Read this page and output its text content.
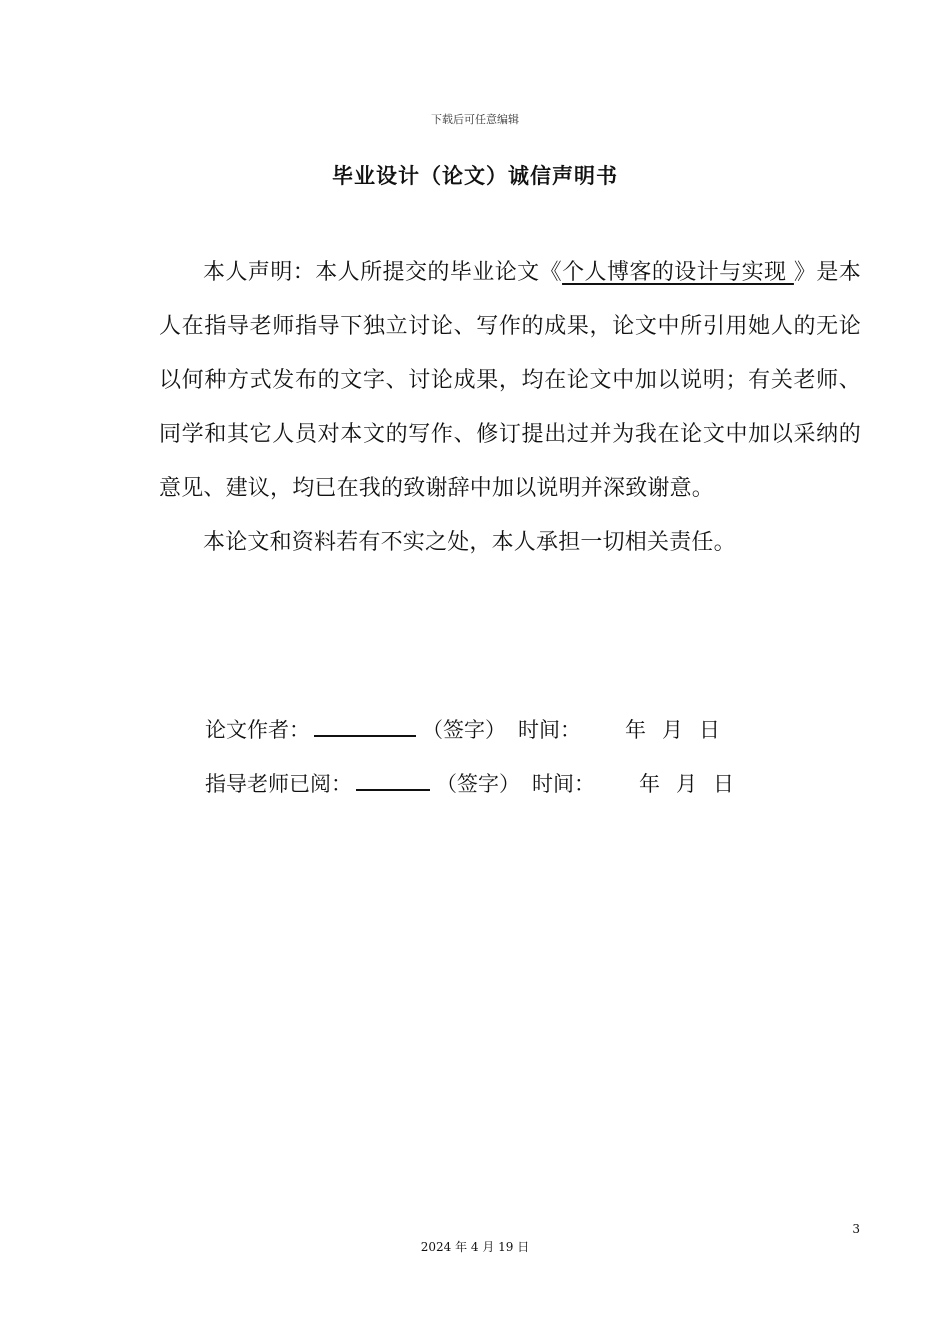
下载后可任意编辑
毕业设计（论文）诚信声明书

本人声明：本人所提交的毕业论文《个人博客的设计与实现 》是本人在指导老师指导下独立讨论、写作的成果，论文中所引用她人的无论以何种方式发布的文字、讨论成果，均在论文中加以说明；有关老师、同学和其它人员对本文的写作、修订提出过并为我在论文中加以采纳的意见、建议，均已在我的致谢辞中加以说明并深致谢意。

本论文和资料若有不实之处，本人承担一切相关责任。

论文作者：	（签字） 时间： 年 月 日
指导老师已阅：	（签字） 时间： 年 月 日
3
2024 年 4 月 19 日
